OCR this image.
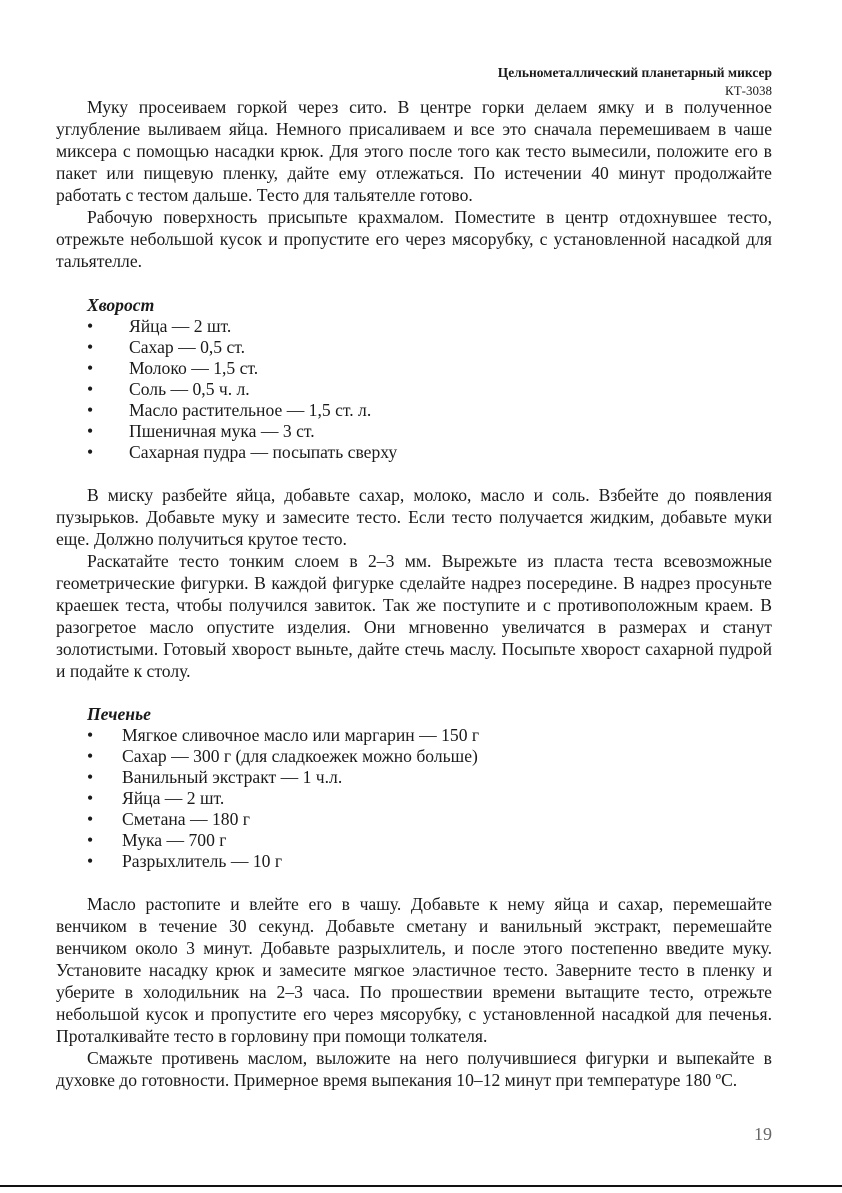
Цельнометаллический планетарный миксер
КТ-3038

Муку просеиваем горкой через сито. В центре горки делаем ямку и в полученное углубление выливаем яйца. Немного присаливаем и все это сначала перемешиваем в чаше миксера с помощью насадки крюк. Для этого после того как тесто вымесили, положите его в пакет или пищевую пленку, дайте ему отлежаться. По истечении 40 минут продолжайте работать с тестом дальше. Тесто для тальятелле готово.

Рабочую поверхность присыпьте крахмалом. Поместите в центр отдохнувшее тесто, отрежьте небольшой кусок и пропустите его через мясорубку, с установленной насадкой для тальятелле.

Хворост
• Яйца — 2 шт.
• Сахар — 0,5 ст.
• Молоко — 1,5 ст.
• Соль — 0,5 ч. л.
• Масло растительное — 1,5 ст. л.
• Пшеничная мука — 3 ст.
• Сахарная пудра — посыпать сверху

В миску разбейте яйца, добавьте сахар, молоко, масло и соль. Взбейте до появления пузырьков. Добавьте муку и замесите тесто. Если тесто получается жидким, добавьте муки еще. Должно получиться крутое тесто.

Раскатайте тесто тонким слоем в 2–3 мм. Вырежьте из пласта теста всевозможные геометрические фигурки. В каждой фигурке сделайте надрез посередине. В надрез просуньте краешек теста, чтобы получился завиток. Так же поступите и с противоположным краем. В разогретое масло опустите изделия. Они мгновенно увеличатся в размерах и станут золотистыми. Готовый хворост выньте, дайте стечь маслу. Посыпьте хворост сахарной пудрой и подайте к столу.

Печенье
• Мягкое сливочное масло или маргарин — 150 г
• Сахар — 300 г (для сладкоежек можно больше)
• Ванильный экстракт — 1 ч.л.
• Яйца — 2 шт.
• Сметана — 180 г
• Мука — 700 г
• Разрыхлитель — 10 г

Масло растопите и влейте его в чашу. Добавьте к нему яйца и сахар, перемешайте венчиком в течение 30 секунд. Добавьте сметану и ванильный экстракт, перемешайте венчиком около 3 минут. Добавьте разрыхлитель, и после этого постепенно введите муку. Установите насадку крюк и замесите мягкое эластичное тесто. Заверните тесто в пленку и уберите в холодильник на 2–3 часа. По прошествии времени вытащите тесто, отрежьте небольшой кусок и пропустите его через мясорубку, с установленной насадкой для печенья. Проталкивайте тесто в горловину при помощи толкателя.

Смажьте противень маслом, выложите на него получившиеся фигурки и выпекайте в духовке до готовности. Примерное время выпекания 10–12 минут при температуре 180 ºС.

19
